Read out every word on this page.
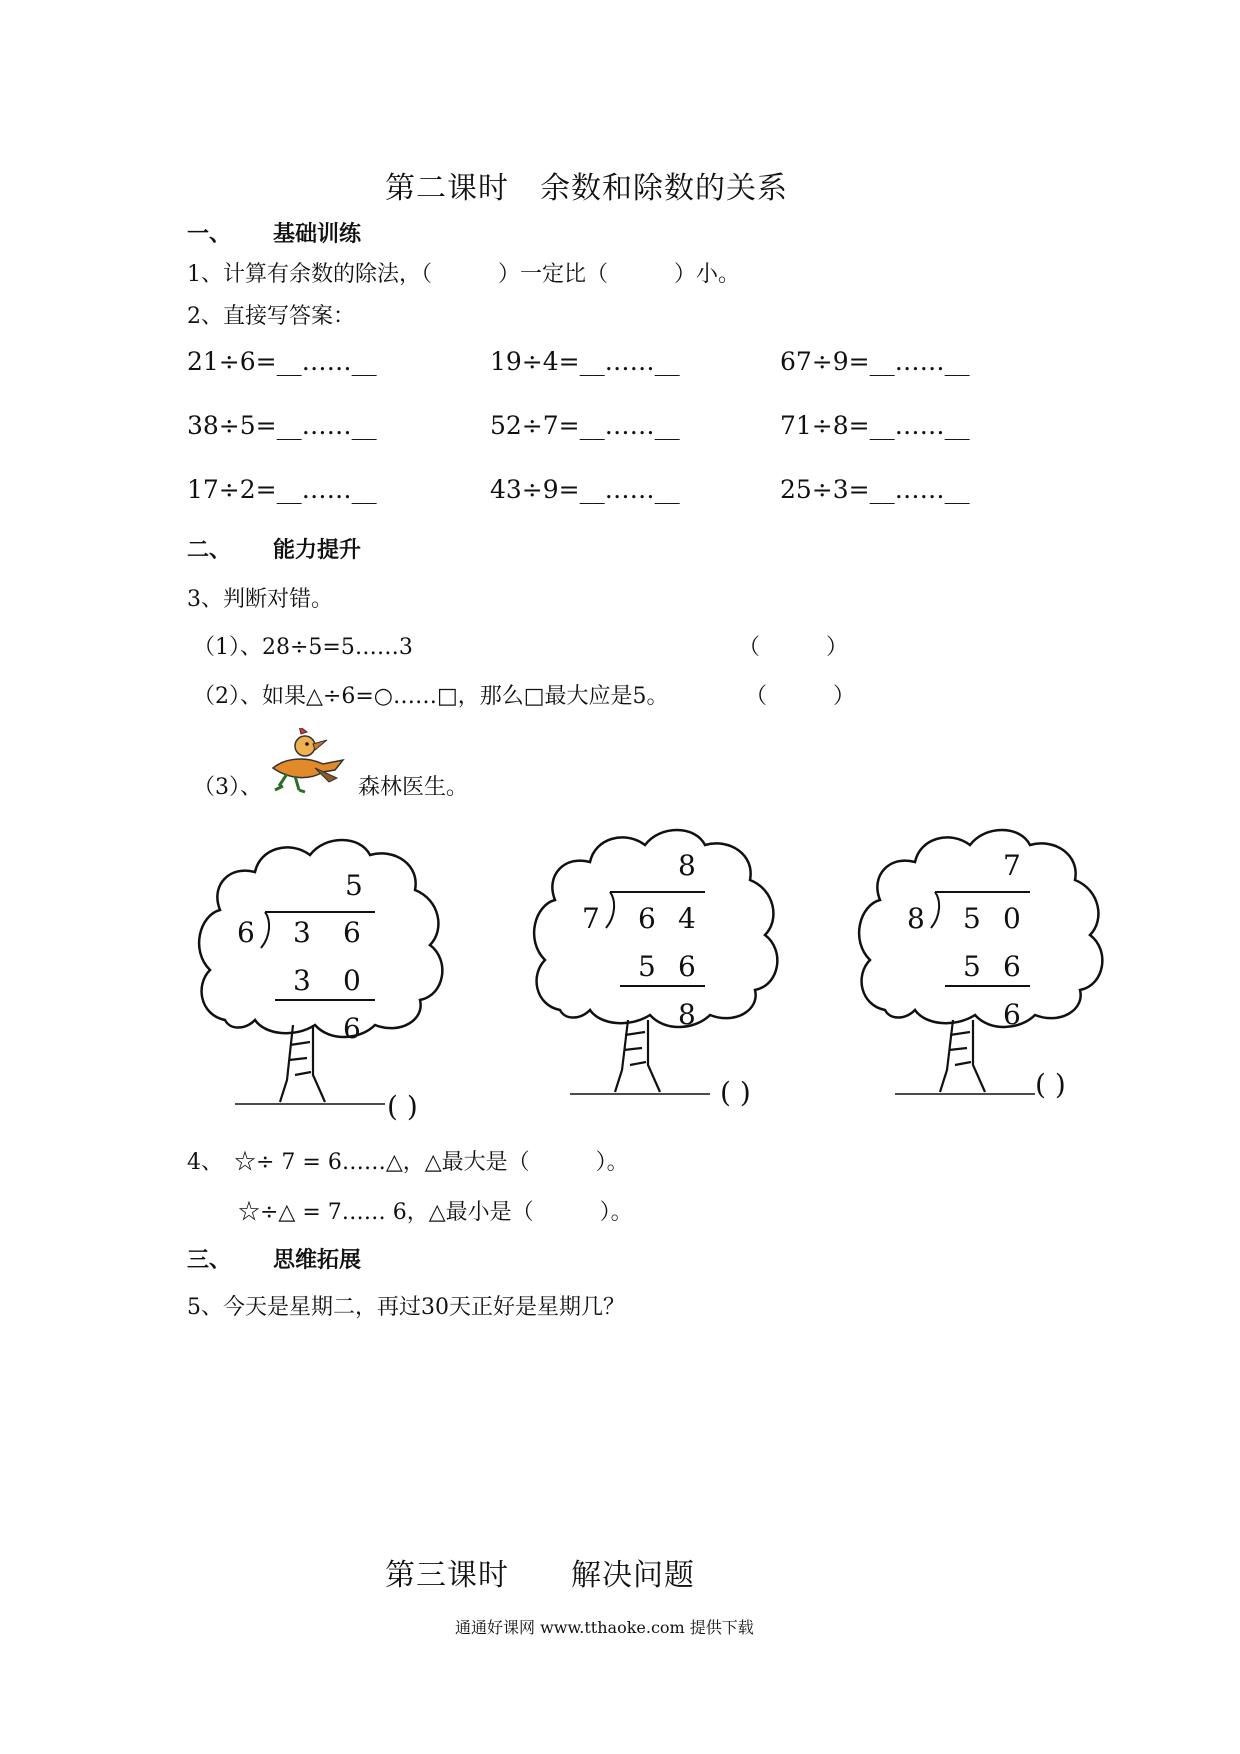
第二课时　余数和除数的关系
一、 基础训练
1、计算有余数的除法，（　　　）一定比（　　　）小。
2、直接写答案：
21÷6=__……__	19÷4=__……__	67÷9=__……__
38÷5=__……__	52÷7=__……__	71÷8=__……__
17÷2=__……__	43÷9=__……__	25÷3=__……__
二、 能力提升
3、判断对错。
（1）、28÷5=5……3	（　　　）
（2）、如果△÷6=○……□，那么□最大应是5。	（　　　）
（3）、	森林医生。
5
6 3 6
3 0
6
( )
8
7 6 4
5 6
8
( )
7
8 5 0
5 6
6
( )
4、　☆÷ 7 = 6……△，△最大是（　　　）。
☆÷△ = 7…… 6，△最小是（　　　）。
三、 思维拓展
5、今天是星期二，再过30天正好是星期几？
第三课时　　解决问题
通通好课网 www.tthaoke.com 提供下载
